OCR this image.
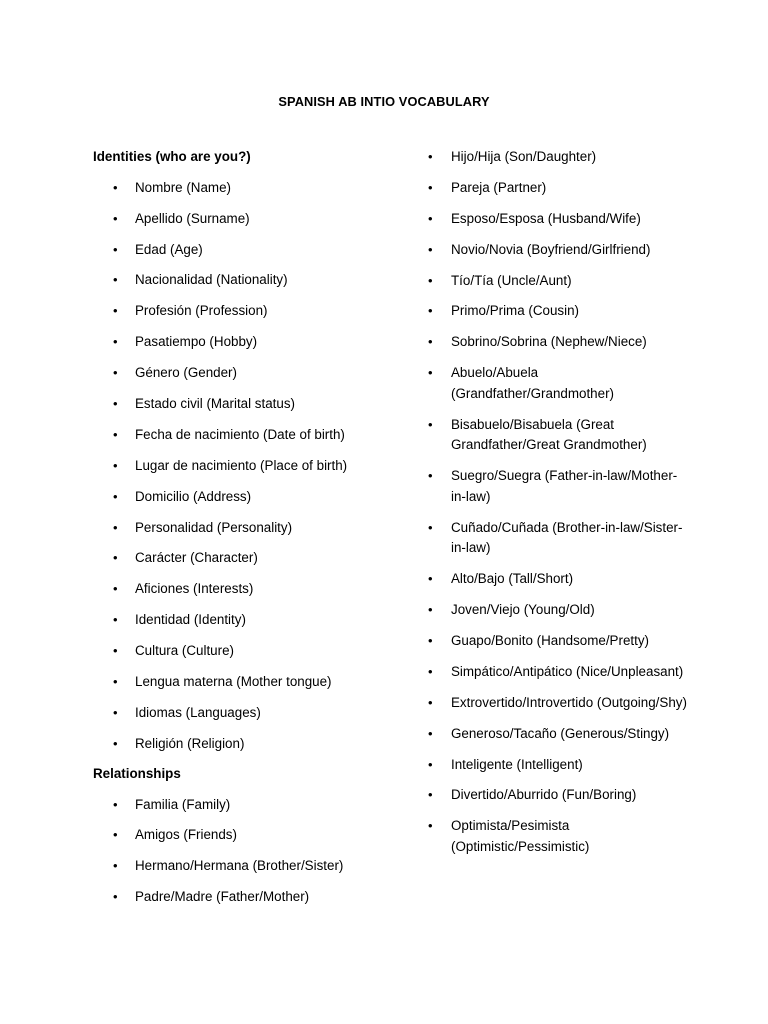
SPANISH AB INTIO VOCABULARY
Identities (who are you?)
• Nombre (Name)
• Apellido (Surname)
• Edad (Age)
• Nacionalidad (Nationality)
• Profesión (Profession)
• Pasatiempo (Hobby)
• Género (Gender)
• Estado civil (Marital status)
• Fecha de nacimiento (Date of birth)
• Lugar de nacimiento (Place of birth)
• Domicilio (Address)
• Personalidad (Personality)
• Carácter (Character)
• Aficiones (Interests)
• Identidad (Identity)
• Cultura (Culture)
• Lengua materna (Mother tongue)
• Idiomas (Languages)
• Religión (Religion)
Relationships
• Familia (Family)
• Amigos (Friends)
• Hermano/Hermana (Brother/Sister)
• Padre/Madre (Father/Mother)
• Hijo/Hija (Son/Daughter)
• Pareja (Partner)
• Esposo/Esposa (Husband/Wife)
• Novio/Novia (Boyfriend/Girlfriend)
• Tío/Tía (Uncle/Aunt)
• Primo/Prima (Cousin)
• Sobrino/Sobrina (Nephew/Niece)
• Abuelo/Abuela (Grandfather/Grandmother)
• Bisabuelo/Bisabuela (Great Grandfather/Great Grandmother)
• Suegro/Suegra (Father-in-law/Mother-in-law)
• Cuñado/Cuñada (Brother-in-law/Sister-in-law)
• Alto/Bajo (Tall/Short)
• Joven/Viejo (Young/Old)
• Guapo/Bonito (Handsome/Pretty)
• Simpático/Antipático (Nice/Unpleasant)
• Extrovertido/Introvertido (Outgoing/Shy)
• Generoso/Tacaño (Generous/Stingy)
• Inteligente (Intelligent)
• Divertido/Aburrido (Fun/Boring)
• Optimista/Pesimista (Optimistic/Pessimistic)
